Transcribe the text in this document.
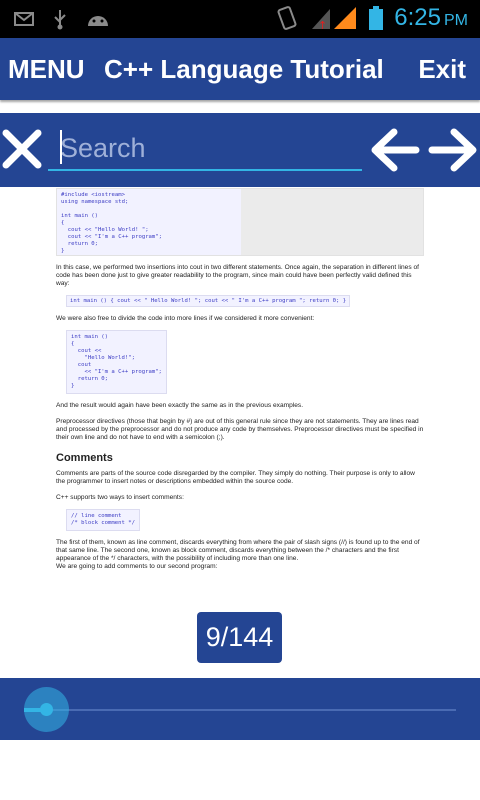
↑	6:25 PM
MENU C++ Language Tutorial Exit
Search
#include <iostream>
using namespace std;

int main ()
{
cout << "Hello World! ";
cout << "I'm a C++ program";
return 0;
}

In this case, we performed two insertions into cout in two different statements. Once again, the separation in different lines of code has been done just to give greater readability to the program, since main could have been perfectly valid defined this way:

int main () { cout << " Hello World! "; cout << " I'm a C++ program "; return 0; }

We were also free to divide the code into more lines if we considered it more convenient:

int main ()
{
cout <<
"Hello World!";
cout
<< "I'm a C++ program";
return 0;
}

And the result would again have been exactly the same as in the previous examples.

Preprocessor directives (those that begin by #) are out of this general rule since they are not statements. They are lines read and processed by the preprocessor and do not produce any code by themselves. Preprocessor directives must be specified in their own line and do not have to end with a semicolon (;).

Comments

Comments are parts of the source code disregarded by the compiler. They simply do nothing. Their purpose is only to allow the programmer to insert notes or descriptions embedded within the source code.

C++ supports two ways to insert comments:

// line comment
/* block comment */

The first of them, known as line comment, discards everything from where the pair of slash signs (//) is found up to the end of that same line. The second one, known as block comment, discards everything between the /* characters and the first appearance of the */ characters, with the possibility of including more than one line.

We are going to add comments to our second program:

9/144
